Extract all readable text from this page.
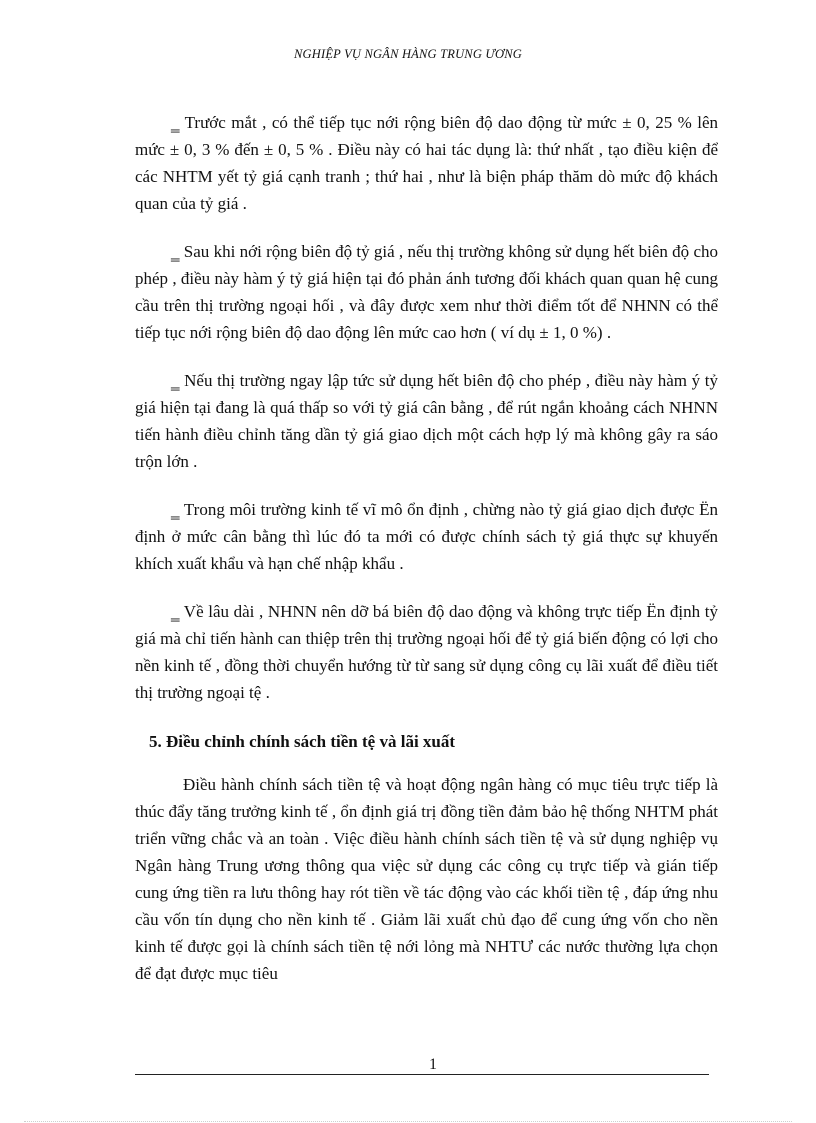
NGHIỆP VỤ NGÂN HÀNG TRUNG ƯƠNG

‗ Trước mắt , có thể tiếp tục nới rộng biên độ dao động từ mức ± 0, 25 % lên mức ± 0, 3 % đến ± 0, 5 % . Điều này có hai tác dụng là: thứ nhất , tạo điều kiện để các NHTM yết tỷ giá cạnh tranh ; thứ hai , như là biện pháp thăm dò mức độ khách quan của tỷ giá .

‗ Sau khi nới rộng biên độ tỷ giá , nếu thị trường không sử dụng hết biên độ cho phép , điều này hàm ý tỷ giá hiện tại đó phản ánh tương đối khách quan quan hệ cung cầu trên thị trường ngoại hối , và đây được xem như thời điểm tốt để NHNN có thể tiếp tục nới rộng biên độ dao động lên mức cao hơn ( ví dụ ± 1, 0 %) .

‗ Nếu thị trường ngay lập tức sử dụng hết biên độ cho phép , điều này hàm ý tỷ giá hiện tại đang là quá thấp so với tỷ giá cân bằng , để rút ngắn khoảng cách NHNN tiến hành điều chỉnh tăng dần tỷ giá giao dịch một cách hợp lý mà không gây ra sáo trộn lớn .

‗ Trong môi trường kinh tế vĩ mô ổn định , chừng nào tỷ giá giao dịch được Ën định ở mức cân bằng thì lúc đó ta mới có được chính sách tỷ giá thực sự khuyến khích xuất khẩu và hạn chế nhập khẩu .

‗ Về lâu dài , NHNN nên dỡ bá biên độ dao động và không trực tiếp Ën định tỷ giá mà chỉ tiến hành can thiệp trên thị trường ngoại hối để tỷ giá biến động có lợi cho nền kinh tế , đồng thời chuyển hướng từ từ sang sử dụng công cụ lãi xuất để điều tiết thị trường ngoại tệ .

5. Điều chỉnh chính sách tiền tệ và lãi xuất

Điều hành chính sách tiền tệ và hoạt động ngân hàng có mục tiêu trực tiếp là thúc đẩy tăng trưởng kinh tế , ổn định giá trị đồng tiền đảm bảo hệ thống NHTM phát triển vững chắc và an toàn . Việc điều hành chính sách tiền tệ và sử dụng nghiệp vụ Ngân hàng Trung ương thông qua việc sử dụng các công cụ trực tiếp và gián tiếp cung ứng tiền ra lưu thông hay rót tiền về tác động vào các khối tiền tệ , đáp ứng nhu cầu vốn tín dụng cho nền kinh tế . Giảm lãi xuất chủ đạo để cung ứng vốn cho nền kinh tế được gọi là chính sách tiền tệ nới lỏng mà NHTƯ các nước thường lựa chọn để đạt được mục tiêu

1
